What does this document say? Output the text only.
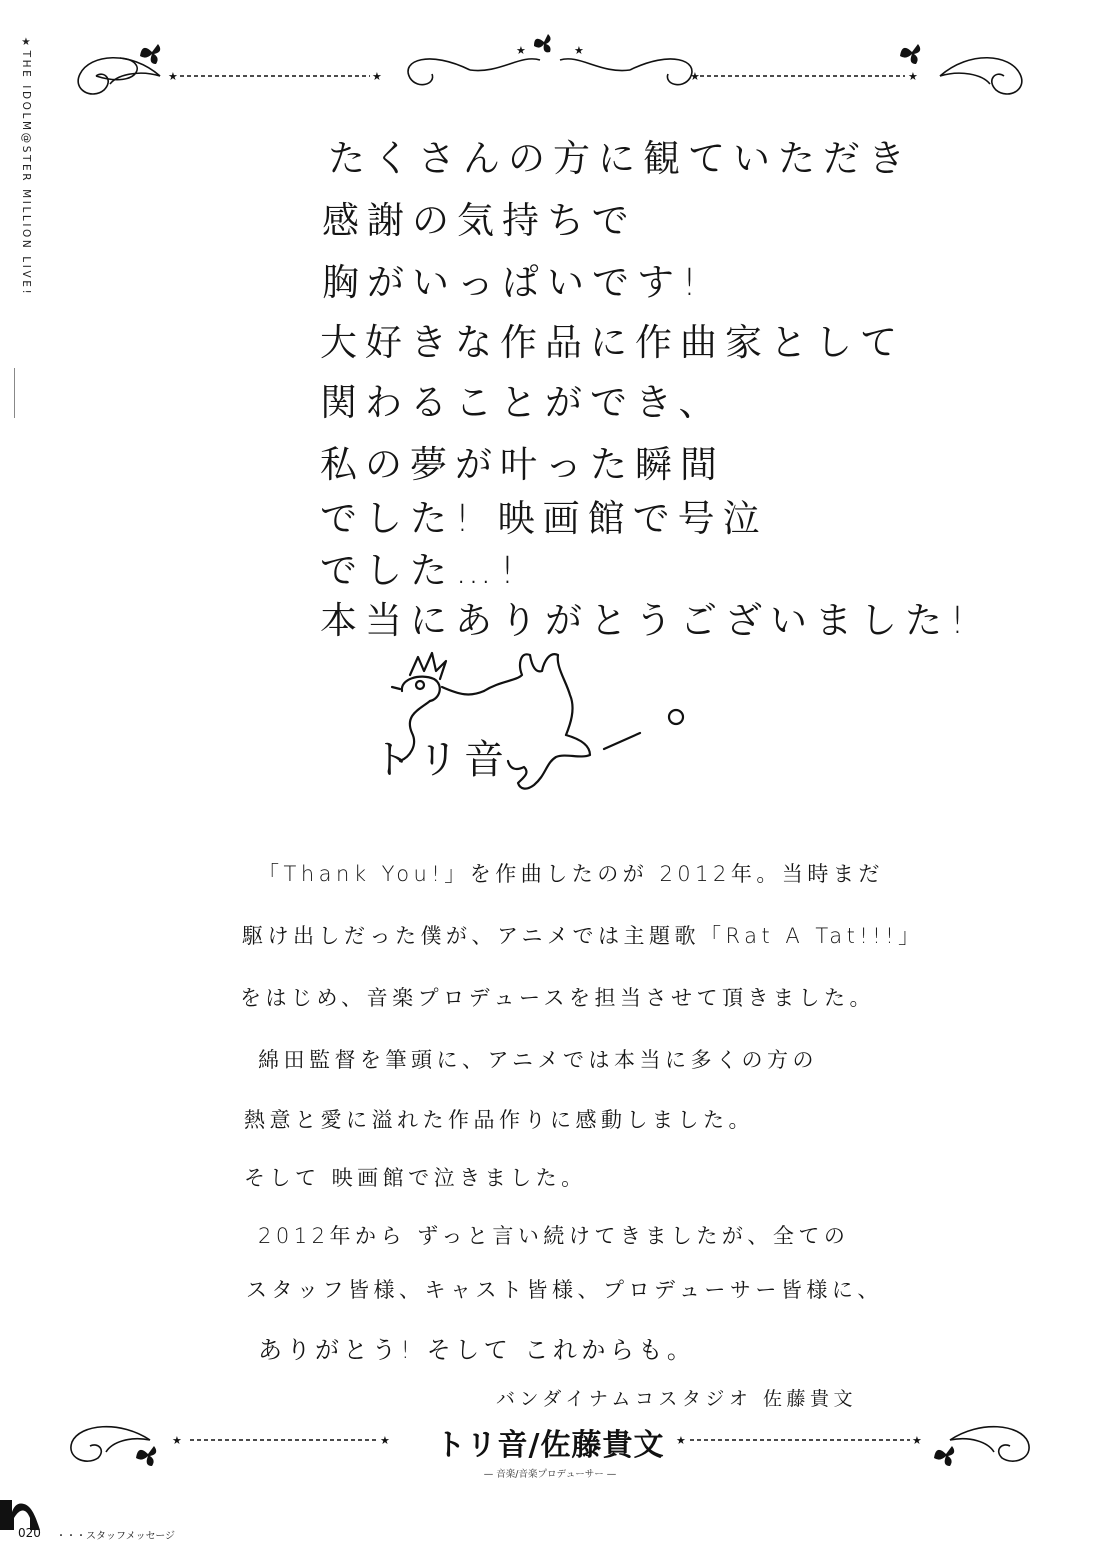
★THE IDOLM@STER MILLION LIVE!	★	★	★	★
★	★
たくさんの方に観ていただき
感謝の気持ちで
胸がいっぱいです!
大好きな作品に作曲家として
関わることができ、
私の夢が叶った瞬間
でした! 映画館で号泣
でした…!
本当にありがとうございました!
トリ音
「Thank You!」を作曲したのが 2012年。当時まだ
駆け出しだった僕が、アニメでは主題歌「Rat A Tat!!!」
をはじめ、音楽プロデュースを担当させて頂きました。
綿田監督を筆頭に、アニメでは本当に多くの方の
熱意と愛に溢れた作品作りに感動しました。
そして 映画館で泣きました。
2012年から ずっと言い続けてきましたが、全ての
スタッフ皆様、キャスト皆様、プロデューサー皆様に、
ありがとう! そして これからも。
バンダイナムコスタジオ 佐藤貴文
★	★	★	★
トリ音/佐藤貴文
— 音楽/音楽プロデューサー —
020 ・・・スタッフメッセージ
